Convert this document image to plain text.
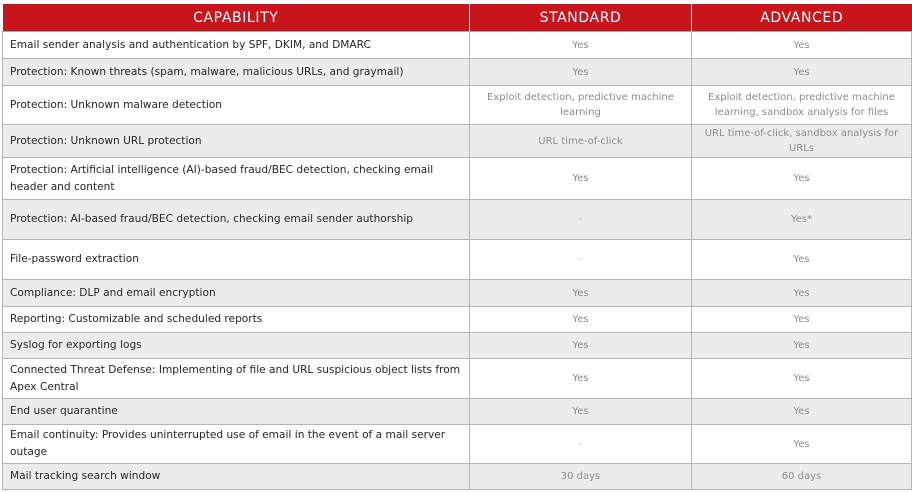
CAPABILITY	STANDARD	ADVANCED
Email sender analysis and authentication by SPF, DKIM, and DMARC	Yes	Yes
Protection: Known threats (spam, malware, malicious URLs, and graymail)	Yes	Yes
Protection: Unknown malware detection	Exploit detection, predictive machine learning	Exploit detection, predictive machine learning, sandbox analysis for files
Protection: Unknown URL protection	URL time-of-click	URL time-of-click, sandbox analysis for URLs
Protection: Artificial intelligence (AI)-based fraud/BEC detection, checking email header and content	Yes	Yes
Protection: AI-based fraud/BEC detection, checking email sender authorship	-	Yes*
File-password extraction	-	Yes
Compliance: DLP and email encryption	Yes	Yes
Reporting: Customizable and scheduled reports	Yes	Yes
Syslog for exporting logs	Yes	Yes
Connected Threat Defense: Implementing of file and URL suspicious object lists from Apex Central	Yes	Yes
End user quarantine	Yes	Yes
Email continuity: Provides uninterrupted use of email in the event of a mail server outage	-	Yes
Mail tracking search window	30 days	60 days
